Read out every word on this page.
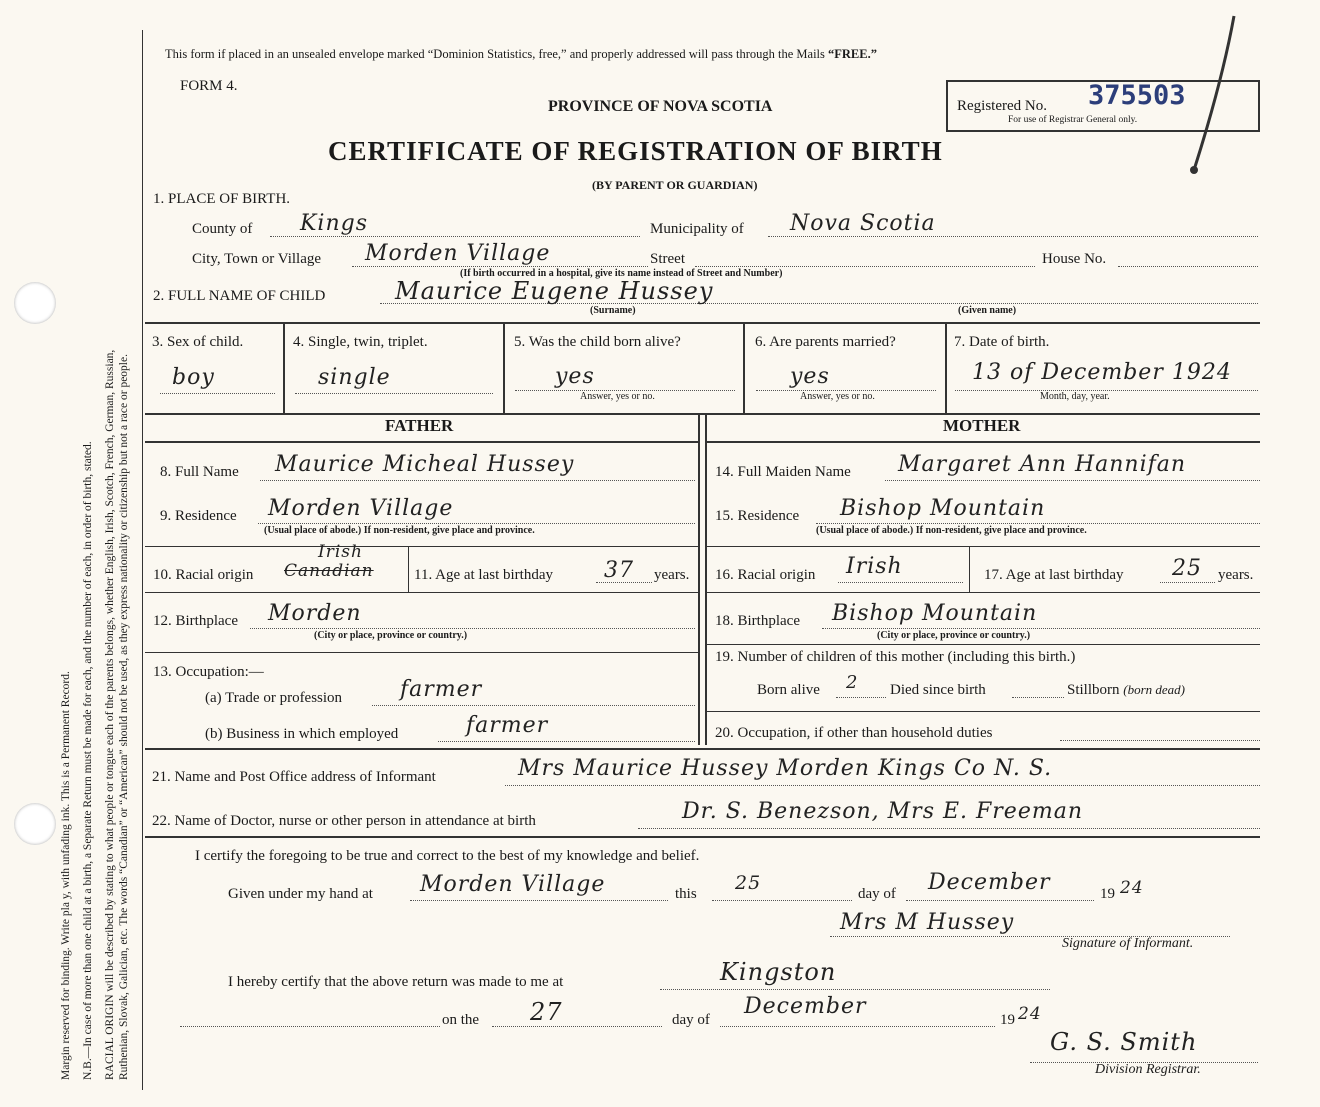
Margin reserved for binding. Write pla y, with unfading ink. This is a Permanent Record. N.B.—In case of more than one child at a birth, a Separate Return must be made for each, and the number of each, in order of birth, stated. RACIAL ORIGIN will be described by stating to what people or tongue each of the parents belongs, whether English, Irish, Scotch, French, German, Russian, Ruthenian, Slovak, Galician, etc. The words “Canadian” or “American” should not be used, as they express nationality or citizenship but not a race or people.
This form if placed in an unsealed envelope marked “Dominion Statistics, free,” and properly addressed will pass through the Mails “FREE.”
FORM 4.
PROVINCE OF NOVA SCOTIA	Registered No. 375503
For use of Registrar General only.
CERTIFICATE OF REGISTRATION OF BIRTH
(BY PARENT OR GUARDIAN)
1. PLACE OF BIRTH.
County of Kings	Municipality of Nova Scotia
City, Town or Village Morden Village	Street	House No.
(If birth occurred in a hospital, give its name instead of Street and Number)
2. FULL NAME OF CHILD	Maurice Eugene Hussey
(Surname)	(Given name)
3. Sex of child.
boy
4. Single, twin, triplet.
single
5. Was the child born alive?
yes
Answer, yes or no.
6. Are parents married?
yes
Answer, yes or no.
7. Date of birth.
13 of December 1924
Month, day, year.
FATHER	MOTHER
8. Full Name Maurice Micheal Hussey
9. Residence Morden Village
(Usual place of abode.) If non-resident, give place and province.
10. Racial origin Canadian
Irish
11. Age at last birthday 37 years.
12. Birthplace Morden
(City or place, province or country.)
13. Occupation:—
(a) Trade or profession	farmer
(b) Business in which employed	farmer
14. Full Maiden Name Margaret Ann Hannifan
15. Residence Bishop Mountain
(Usual place of abode.) If non-resident, give place and province.
16. Racial origin Irish	17. Age at last birthday 25 years.
18. Birthplace Bishop Mountain
(City or place, province or country.)
19. Number of children of this mother (including this birth.)
Born alive 2 Died since birth	Stillborn (born dead)
20. Occupation, if other than household duties
21. Name and Post Office address of Informant	Mrs Maurice Hussey Morden Kings Co N. S.
22. Name of Doctor, nurse or other person in attendance at birth	Dr. S. Benezson, Mrs E. Freeman
I certify the foregoing to be true and correct to the best of my knowledge and belief.
Given under my hand at Morden Village	this 25	day of December	19 24
Mrs M Hussey
Signature of Informant.
I hereby certify that the above return was made to me at	Kingston
on the 27	day of
December
19 24
G. S. Smith
Division Registrar.
